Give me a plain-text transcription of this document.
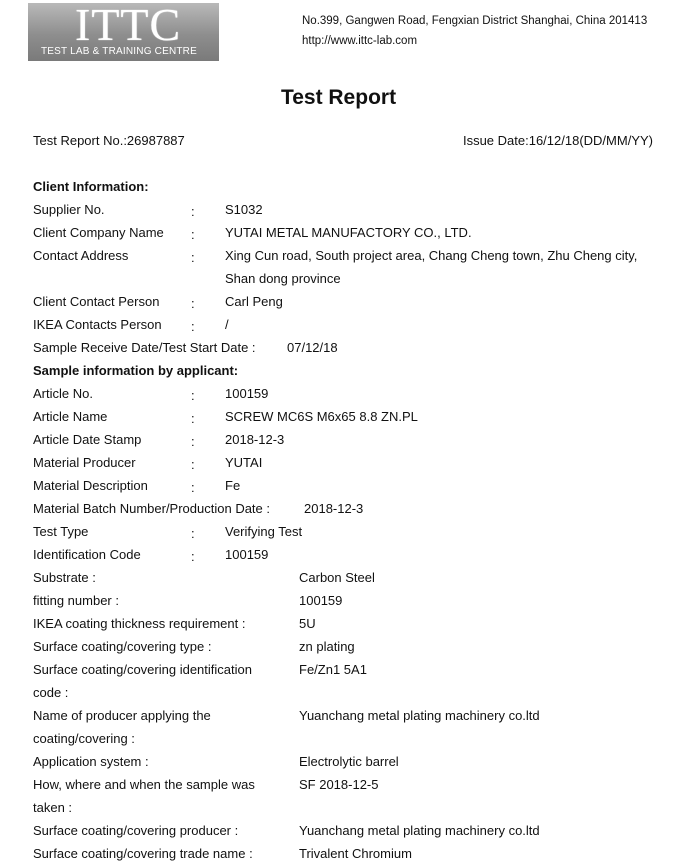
ITTC
TEST LAB & TRAINING CENTRE
No.399, Gangwen Road, Fengxian District Shanghai, China 201413
http://www.ittc-lab.com
Test Report
Test Report No.:26987887	Issue Date:16/12/18(DD/MM/YY)
Client Information:
Supplier No.	: S1032
Client Company Name : YUTAI METAL MANUFACTORY CO., LTD.
Contact Address	: Xing Cun road, South project area, Chang Cheng town, Zhu Cheng city,
Shan dong province
Client Contact Person : Carl Peng
IKEA Contacts Person : /
Sample Receive Date/Test Start Date : 07/12/18
Sample information by applicant:
Article No.	: 100159
Article Name	: SCREW MC6S M6x65 8.8 ZN.PL
Article Date Stamp	: 2018-12-3
Material Producer	: YUTAI
Material Description	: Fe
Material Batch Number/Production Date :	2018-12-3
Test Type	: Verifying Test
Identification Code	: 100159
Substrate :	Carbon Steel
fitting number :	100159
IKEA coating thickness requirement :	5U
Surface coating/covering type :	zn plating
Surface coating/covering identification
code :
Fe/Zn1 5A1
Name of producer applying the
coating/covering :
Yuanchang metal plating machinery co.ltd
Application system :	Electrolytic barrel
How, where and when the sample was
taken :
SF 2018-12-5
Surface coating/covering producer :	Yuanchang metal plating machinery co.ltd
Surface coating/covering trade name :	Trivalent Chromium
